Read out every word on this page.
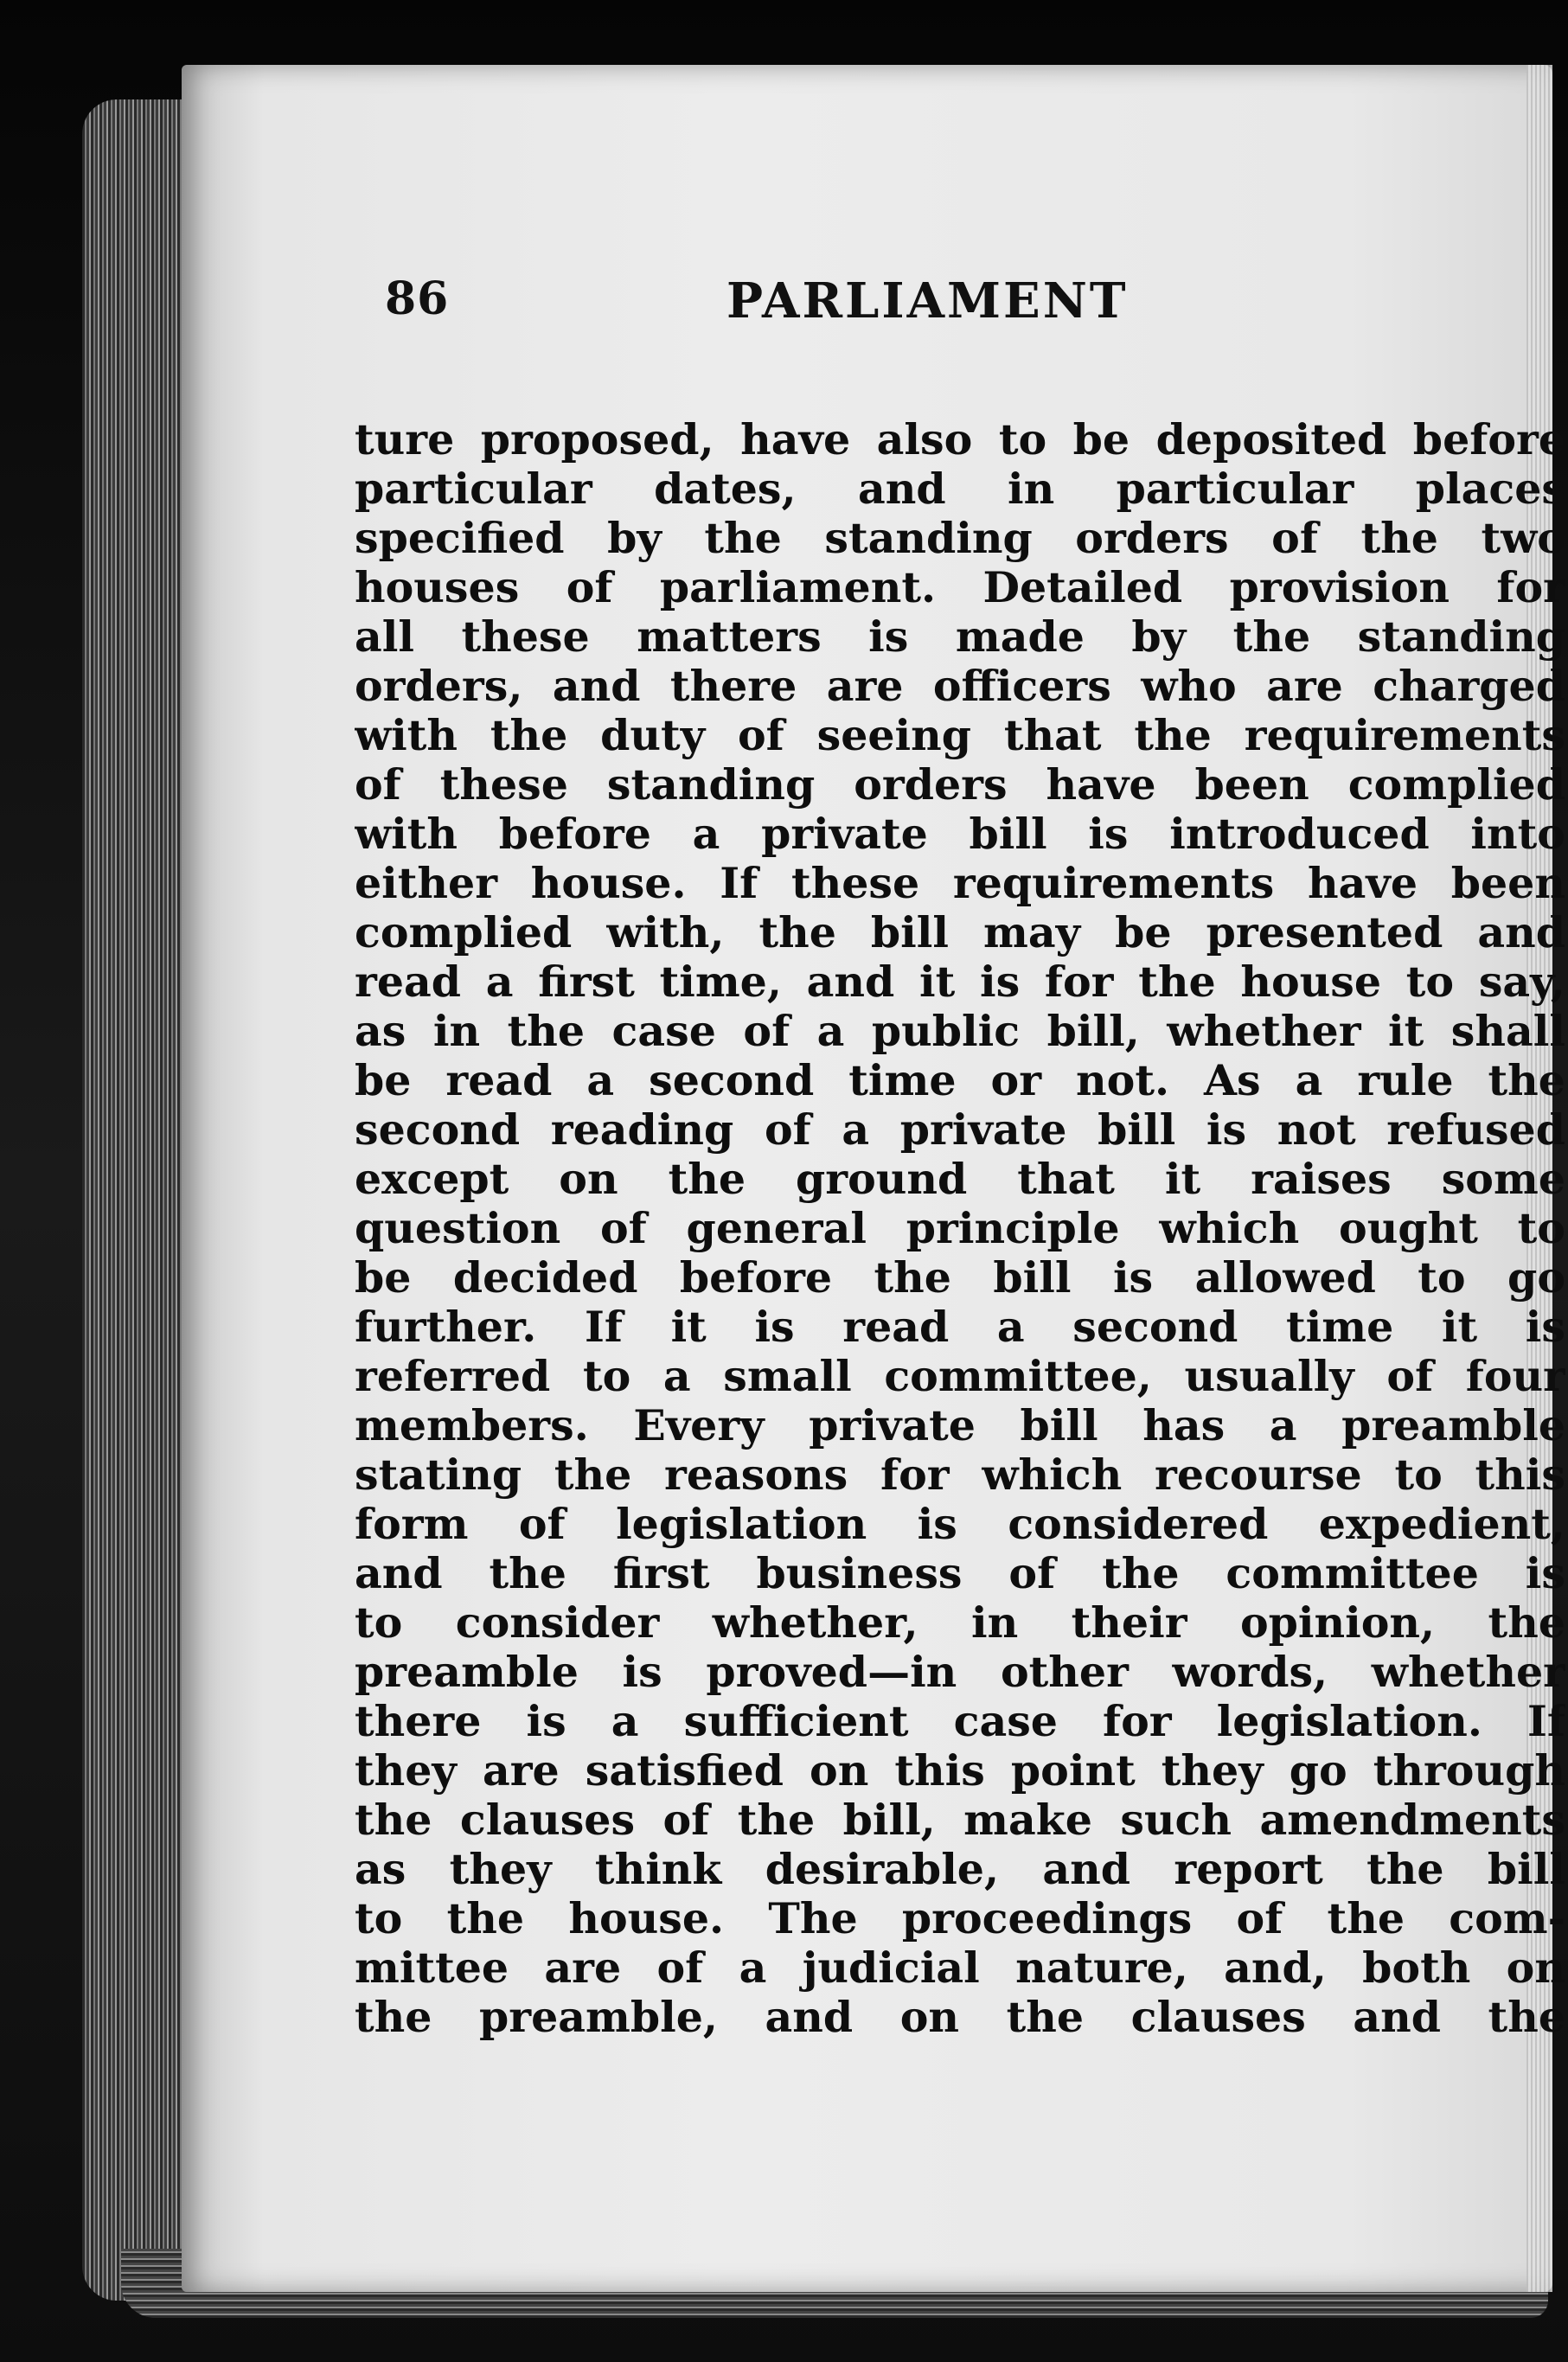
86	PARLIAMENT
ture proposed, have also to be deposited before
particular dates, and in particular places
specified by the standing orders of the two
houses of parliament. Detailed provision for
all these matters is made by the standing
orders, and there are officers who are charged
with the duty of seeing that the requirements
of these standing orders have been complied
with before a private bill is introduced into
either house. If these requirements have been
complied with, the bill may be presented and
read a first time, and it is for the house to say,
as in the case of a public bill, whether it shall
be read a second time or not. As a rule the
second reading of a private bill is not refused
except on the ground that it raises some
question of general principle which ought to
be decided before the bill is allowed to go
further. If it is read a second time it is
referred to a small committee, usually of four
members. Every private bill has a preamble
stating the reasons for which recourse to this
form of legislation is considered expedient,
and the first business of the committee is
to consider whether, in their opinion, the
preamble is proved—in other words, whether
there is a sufficient case for legislation. If
they are satisfied on this point they go through
the clauses of the bill, make such amendments
as they think desirable, and report the bill
to the house. The proceedings of the com-
mittee are of a judicial nature, and, both on
the preamble, and on the clauses and the
